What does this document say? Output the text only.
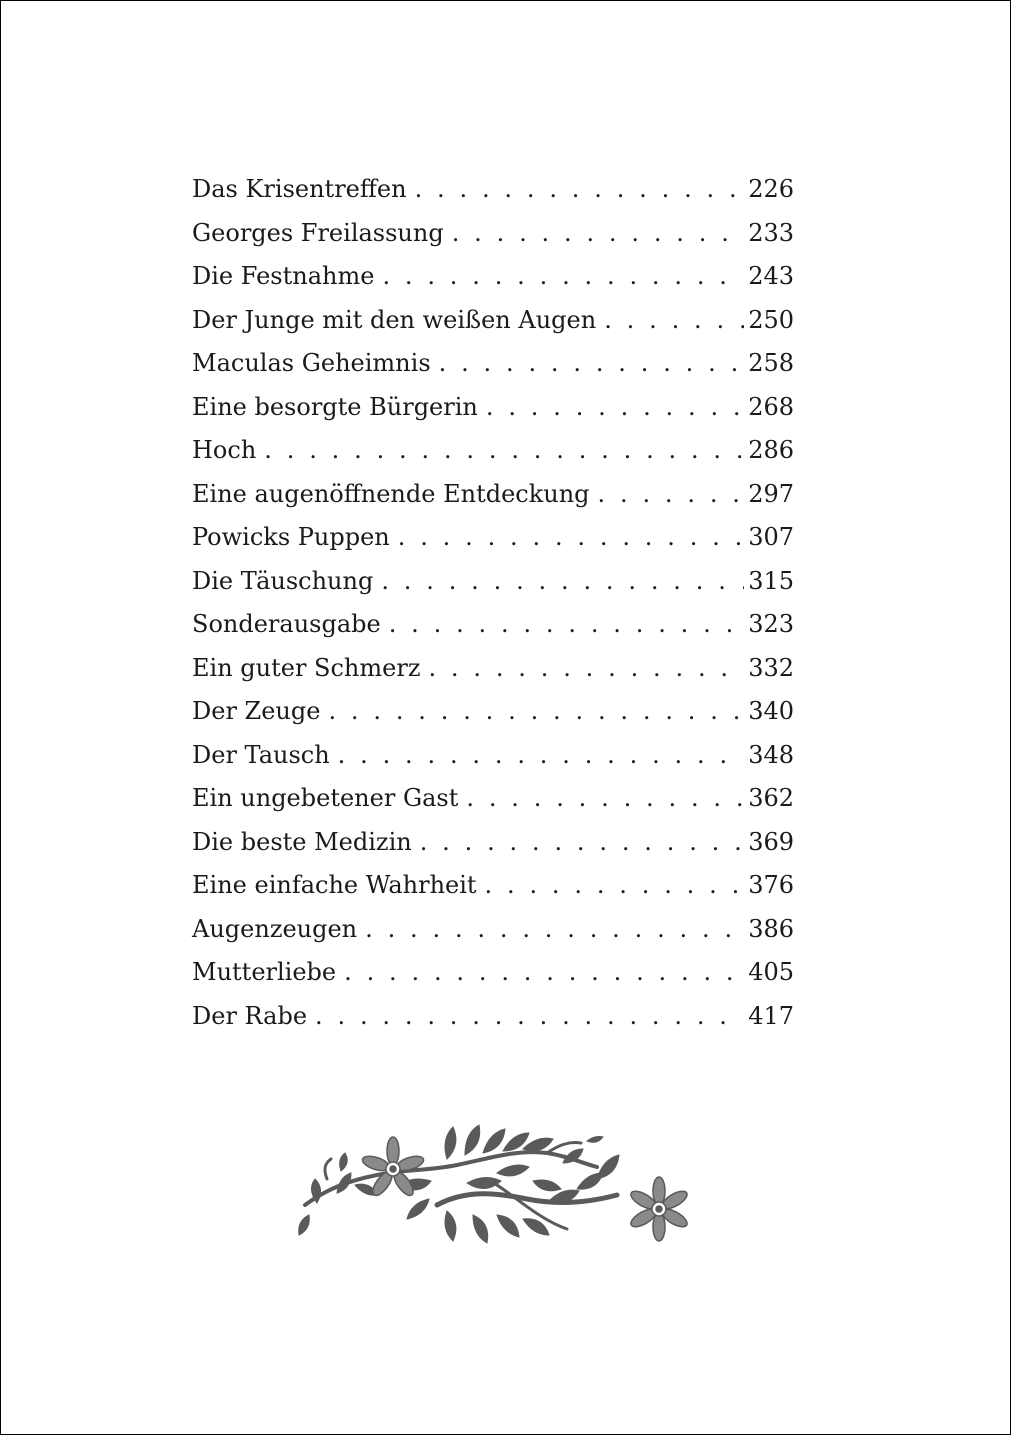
Das Krisentreffen . . .	226
Georges Freilassung . . .	233
Die Festnahme . . .	243
Der Junge mit den weißen Augen . . .	250
Maculas Geheimnis . . .	258
Eine besorgte Bürgerin . . .	268
Hoch . . .	286
Eine augenöffnende Entdeckung . . .	297
Powicks Puppen . . .	307
Die Täuschung . . .	315
Sonderausgabe . . .	323
Ein guter Schmerz . . .	332
Der Zeuge . . .	340
Der Tausch . . .	348
Ein ungebetener Gast . . .	362
Die beste Medizin . . .	369
Eine einfache Wahrheit . . .	376
Augenzeugen . . .	386
Mutterliebe . . .	405
Der Rabe . . .	417
